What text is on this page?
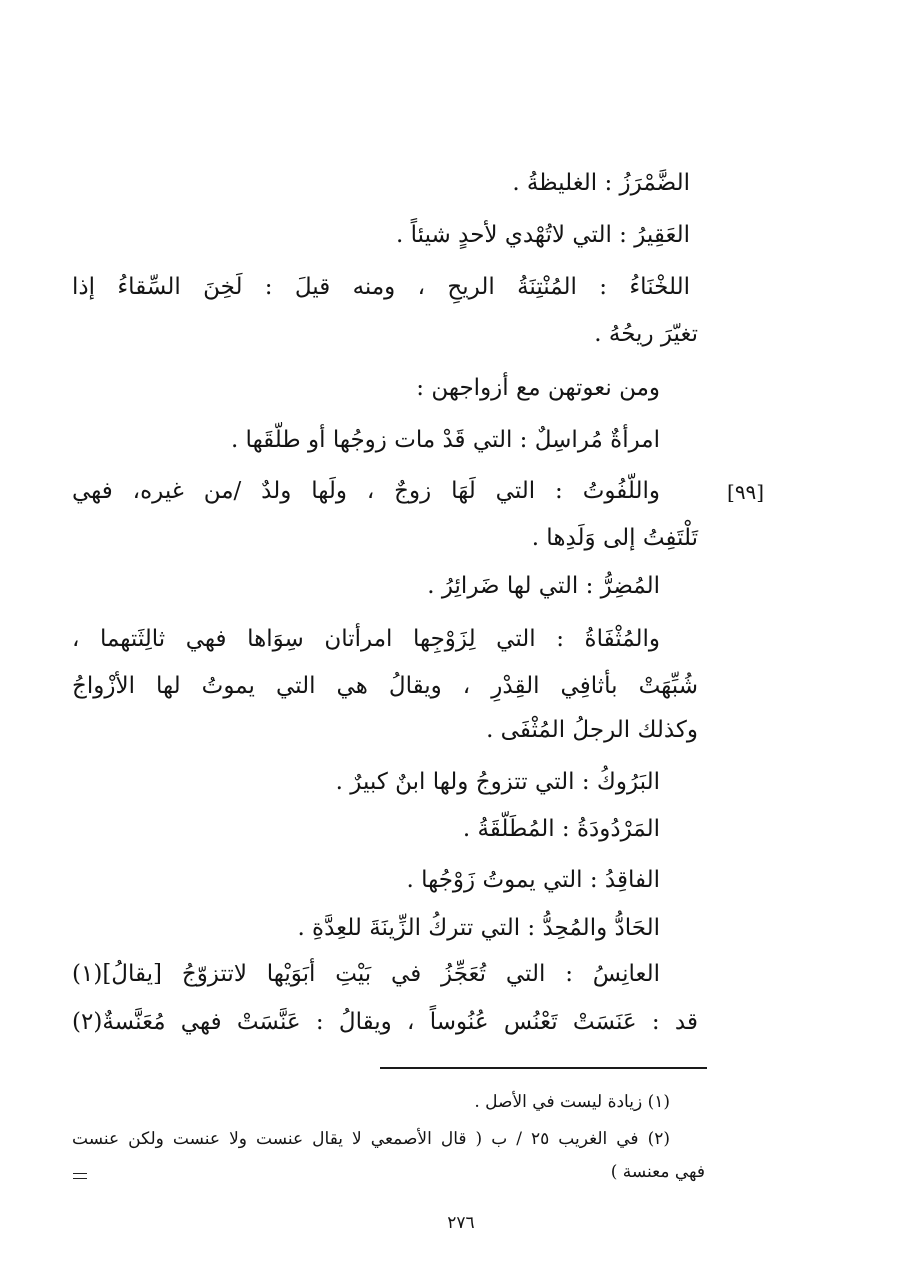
الضَّمْرَزُ : الغليظةُ .
العَقِيرُ : التي لاتُهْدي لأحدٍ شيئاً .
اللخْنَاءُ : المُنْتِنَةُ الريحِ ، ومنه قيلَ : لَخِنَ السِّقاءُ إذا
تغيّرَ ريحُهُ .
ومن نعوتهن مع أزواجهن :
امرأةٌ مُراسِلٌ : التي قَدْ مات زوجُها أو طلّقَها .
[٩٩]
واللّفُوتُ : التي لَهَا زوجٌ ، ولَها ولدٌ /من غيره، فهي
تَلْتَفِتُ إلى وَلَدِها .
المُضِرُّ : التي لها ضَرائِرُ .
والمُثْفَاةُ : التي لِزَوْجِها امرأتان سِوَاها فهي ثالِثَتهما ،
شُبِّهَتْ بأثافِي القِدْرِ ، ويقالُ هي التي يموتُ لها الأزْواجُ
وكذلك الرجلُ المُثْفَى .
البَرُوكُ : التي تتزوجُ ولها ابنٌ كبيرٌ .
المَرْدُودَةُ : المُطَلّقَةُ .
الفاقِدُ : التي يموتُ زَوْجُها .
الحَادُّ والمُحِدُّ : التي تتركُ الزِّينَةَ للعِدَّةِ .
العانِسُ : التي تُعَجِّزُ في بَيْتِ أبَوَيْها لاتتزوّجُ [يقالُ](١)
قد : عَنَسَتْ تَعْنُس عُنُوساً ، ويقالُ : عَنَّسَتْ فهي مُعَنَّسةٌ(٢)
(١) زيادة ليست في الأصل .
(٢) في الغريب ٢٥ / ب ( قال الأصمعي لا يقال عنست ولا عنست ولكن عنست
فهي معنسة )
٢٧٦
